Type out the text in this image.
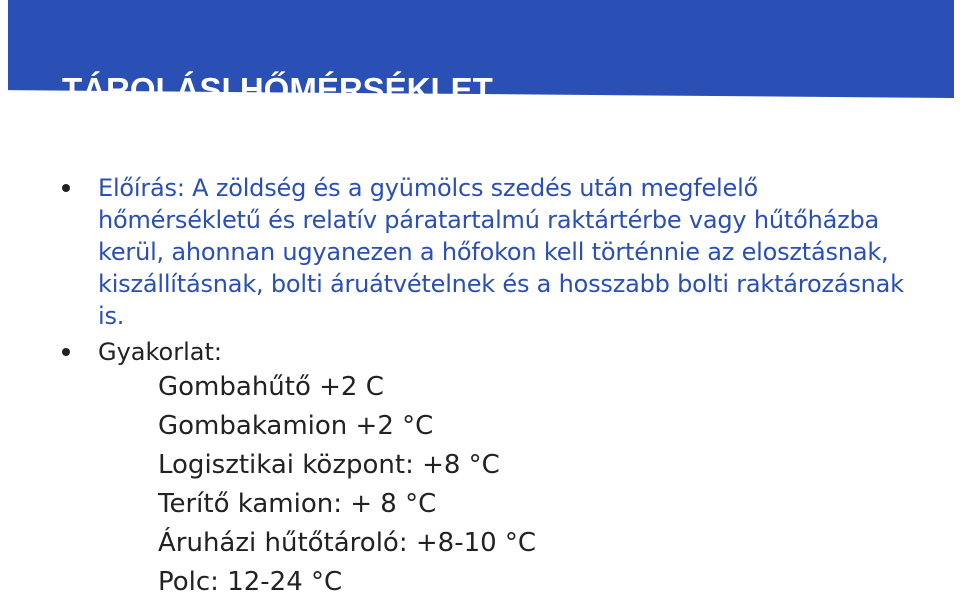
TÁROLÁSI HŐMÉRSÉKLET
Előírás: A zöldség és a gyümölcs szedés után megfelelő hőmérsékletű és relatív páratartalmú raktártérbe vagy hűtőházba kerül, ahonnan ugyanezen a hőfokon kell történnie az elosztásnak, kiszállításnak, bolti áruátvételnek és a hosszabb bolti raktározásnak is.
Gyakorlat:
Gombahűtő +2 C
Gombakamion +2 °C
Logisztikai központ: +8 °C
Terítő kamion: + 8 °C
Áruházi hűtőtároló: +8-10 °C
Polc: 12-24 °C
